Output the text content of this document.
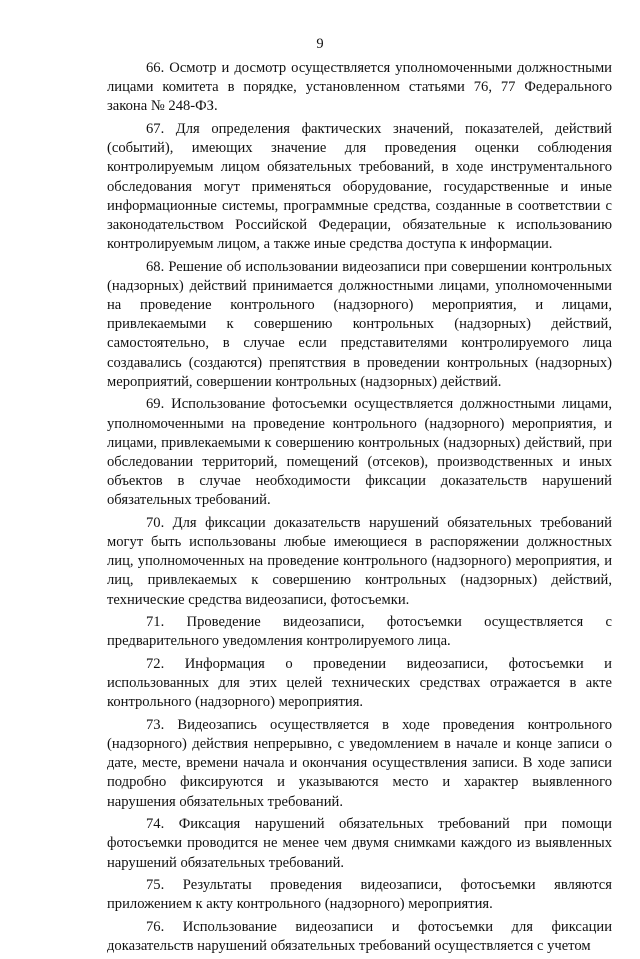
9

66. Осмотр и досмотр осуществляется уполномоченными должностными лицами комитета в порядке, установленном статьями 76, 77 Федерального закона № 248-ФЗ.

67. Для определения фактических значений, показателей, действий (событий), имеющих значение для проведения оценки соблюдения контролируемым лицом обязательных требований, в ходе инструментального обследования могут применяться оборудование, государственные и иные информационные системы, программные средства, созданные в соответствии с законодательством Российской Федерации, обязательные к использованию контролируемым лицом, а также иные средства доступа к информации.

68. Решение об использовании видеозаписи при совершении контрольных (надзорных) действий принимается должностными лицами, уполномоченными на проведение контрольного (надзорного) мероприятия, и лицами, привлекаемыми к совершению контрольных (надзорных) действий, самостоятельно, в случае если представителями контролируемого лица создавались (создаются) препятствия в проведении контрольных (надзорных) мероприятий, совершении контрольных (надзорных) действий.

69. Использование фотосъемки осуществляется должностными лицами, уполномоченными на проведение контрольного (надзорного) мероприятия, и лицами, привлекаемыми к совершению контрольных (надзорных) действий, при обследовании территорий, помещений (отсеков), производственных и иных объектов в случае необходимости фиксации доказательств нарушений обязательных требований.

70. Для фиксации доказательств нарушений обязательных требований могут быть использованы любые имеющиеся в распоряжении должностных лиц, уполномоченных на проведение контрольного (надзорного) мероприятия, и лиц, привлекаемых к совершению контрольных (надзорных) действий, технические средства видеозаписи, фотосъемки.

71. Проведение видеозаписи, фотосъемки осуществляется с предварительного уведомления контролируемого лица.

72. Информация о проведении видеозаписи, фотосъемки и использованных для этих целей технических средствах отражается в акте контрольного (надзорного) мероприятия.

73. Видеозапись осуществляется в ходе проведения контрольного (надзорного) действия непрерывно, с уведомлением в начале и конце записи о дате, месте, времени начала и окончания осуществления записи. В ходе записи подробно фиксируются и указываются место и характер выявленного нарушения обязательных требований.

74. Фиксация нарушений обязательных требований при помощи фотосъемки проводится не менее чем двумя снимками каждого из выявленных нарушений обязательных требований.

75. Результаты проведения видеозаписи, фотосъемки являются приложением к акту контрольного (надзорного) мероприятия.

76. Использование видеозаписи и фотосъемки для фиксации доказательств нарушений обязательных требований осуществляется с учетом
